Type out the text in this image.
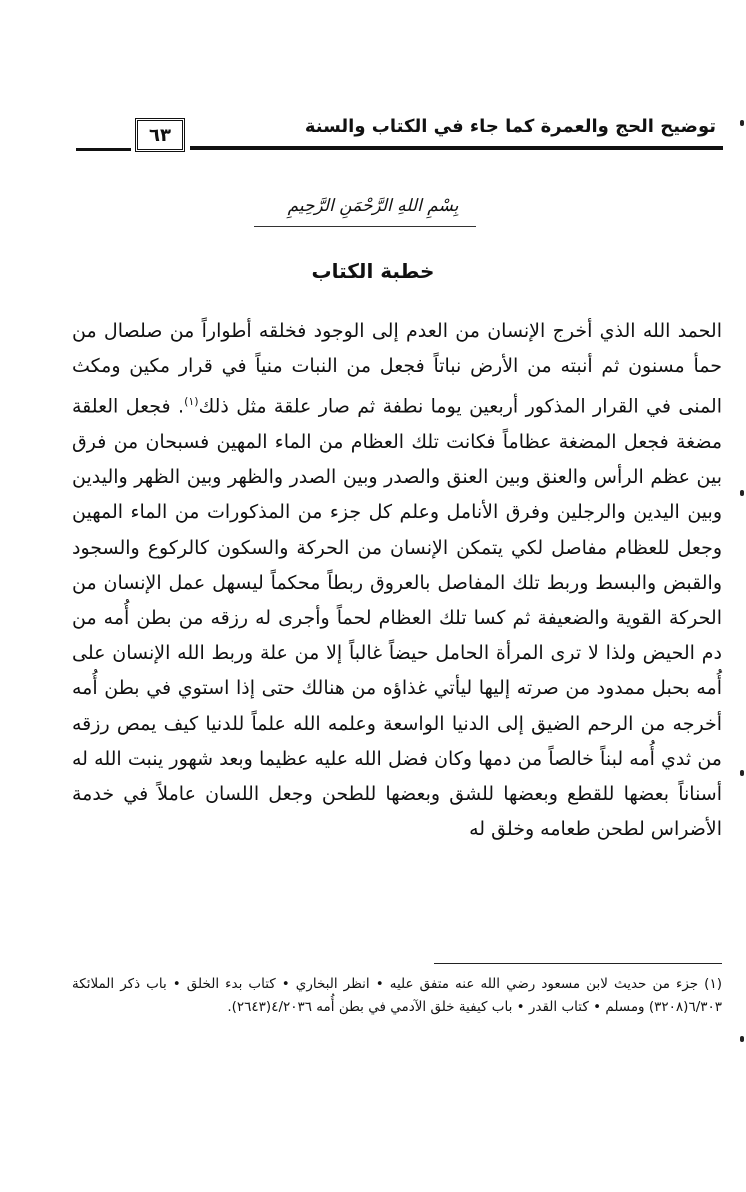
توضيح الحج والعمرة كما جاء في الكتاب والسنة
٦٣
بِسْمِ اللهِ الرَّحْمَنِ الرَّحِيمِ
خطبة الكتاب
الحمد الله الذي أخرج الإنسان من العدم إلى الوجود فخلقه أطواراً من صلصال من حمأ مسنون ثم أنبته من الأرض نباتاً فجعل من النبات منياً في قرار مكين ومكث المنى في القرار المذكور أربعين يوما نطفة ثم صار علقة مثل ذلك$^{(١)}$. فجعل العلقة مضغة فجعل المضغة عظاماً فكانت تلك العظام من الماء المهين فسبحان من فرق بين عظم الرأس والعنق وبين العنق والصدر وبين الصدر والظهر وبين الظهر واليدين وبين اليدين والرجلين وفرق الأنامل وعلم كل جزء من المذكورات من الماء المهين وجعل للعظام مفاصل لكي يتمكن الإنسان من الحركة والسكون كالركوع والسجود والقبض والبسط وربط تلك المفاصل بالعروق ربطاً محكماً ليسهل عمل الإنسان من الحركة القوية والضعيفة ثم كسا تلك العظام لحماً وأجرى له رزقه من بطن أُمه من دم الحيض ولذا لا ترى المرأة الحامل حيضاً غالباً إلا من علة وربط الله الإنسان على أُمه بحبل ممدود من صرته إليها ليأتي غذاؤه من هنالك حتى إذا استوي في بطن أُمه أخرجه من الرحم الضيق إلى الدنيا الواسعة وعلمه الله علماً للدنيا كيف يمص رزقه من ثدي أُمه لبناً خالصاً من دمها وكان فضل الله عليه عظيما وبعد شهور ينبت الله له أسناناً بعضها للقطع وبعضها للشق وبعضها للطحن وجعل اللسان عاملاً في خدمة الأضراس لطحن طعامه وخلق له
(١) جزء من حديث لابن مسعود رضي الله عنه متفق عليه • انظر البخاري • كتاب بدء الخلق • باب ذكر الملائكة ٦/٣٠٣(٣٢٠٨) ومسلم • كتاب القدر • باب كيفية خلق الآدمي في بطن أُمه ٤/٢٠٣٦(٢٦٤٣).
